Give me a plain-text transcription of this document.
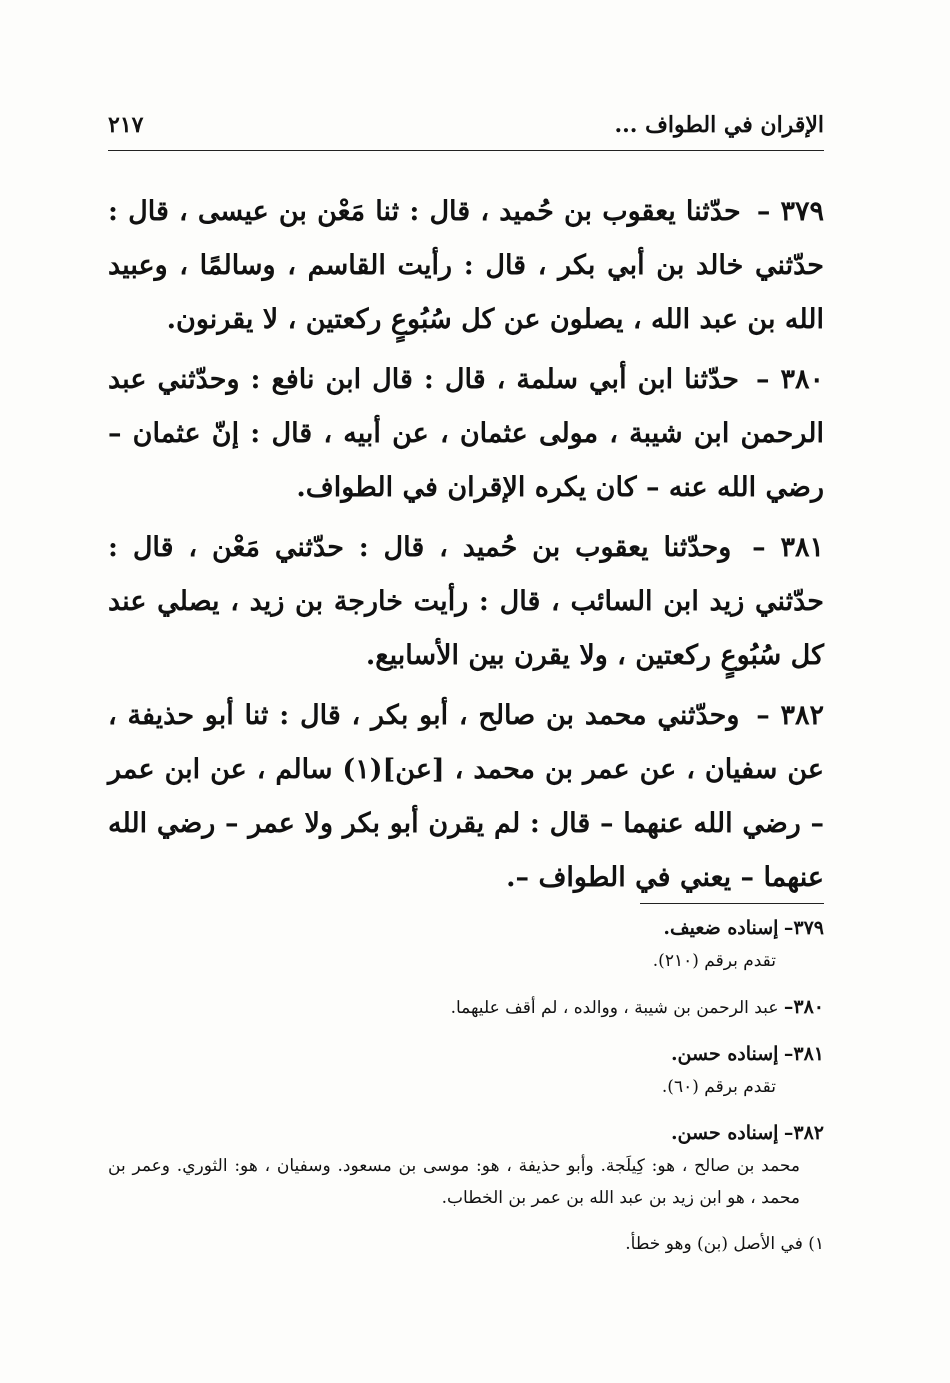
الإقران في الطواف ...
٢١٧

٣٧٩ – حدّثنا يعقوب بن حُميد ، قال : ثنا مَعْن بن عيسى ، قال : حدّثني خالد بن أبي بكر ، قال : رأيت القاسم ، وسالمًا ، وعبيد الله بن عبد الله ، يصلون عن كل سُبُوعٍ ركعتين ، لا يقرنون.

٣٨٠ – حدّثنا ابن أبي سلمة ، قال : قال ابن نافع : وحدّثني عبد الرحمن ابن شيبة ، مولى عثمان ، عن أبيه ، قال : إنّ عثمان – رضي الله عنه – كان يكره الإقران في الطواف.

٣٨١ – وحدّثنا يعقوب بن حُميد ، قال : حدّثني مَعْن ، قال : حدّثني زيد ابن السائب ، قال : رأيت خارجة بن زيد ، يصلي عند كل سُبُوعٍ ركعتين ، ولا يقرن بين الأسابيع.

٣٨٢ – وحدّثني محمد بن صالح ، أبو بكر ، قال : ثنا أبو حذيفة ، عن سفيان ، عن عمر بن محمد ، [عن](١) سالم ، عن ابن عمر – رضي الله عنهما – قال : لم يقرن أبو بكر ولا عمر – رضي الله عنهما – يعني في الطواف –.

٣٧٩– إسناده ضعيف.
تقدم برقم (٢١٠).
٣٨٠– عبد الرحمن بن شيبة ، ووالده ، لم أقف عليهما.
٣٨١– إسناده حسن.
تقدم برقم (٦٠).
٣٨٢– إسناده حسن.
محمد بن صالح ، هو: كِيلَجة. وأبو حذيفة ، هو: موسى بن مسعود. وسفيان ، هو: الثوري. وعمر بن محمد ، هو ابن زيد بن عبد الله بن عمر بن الخطاب.
١) في الأصل (بن) وهو خطأ.
